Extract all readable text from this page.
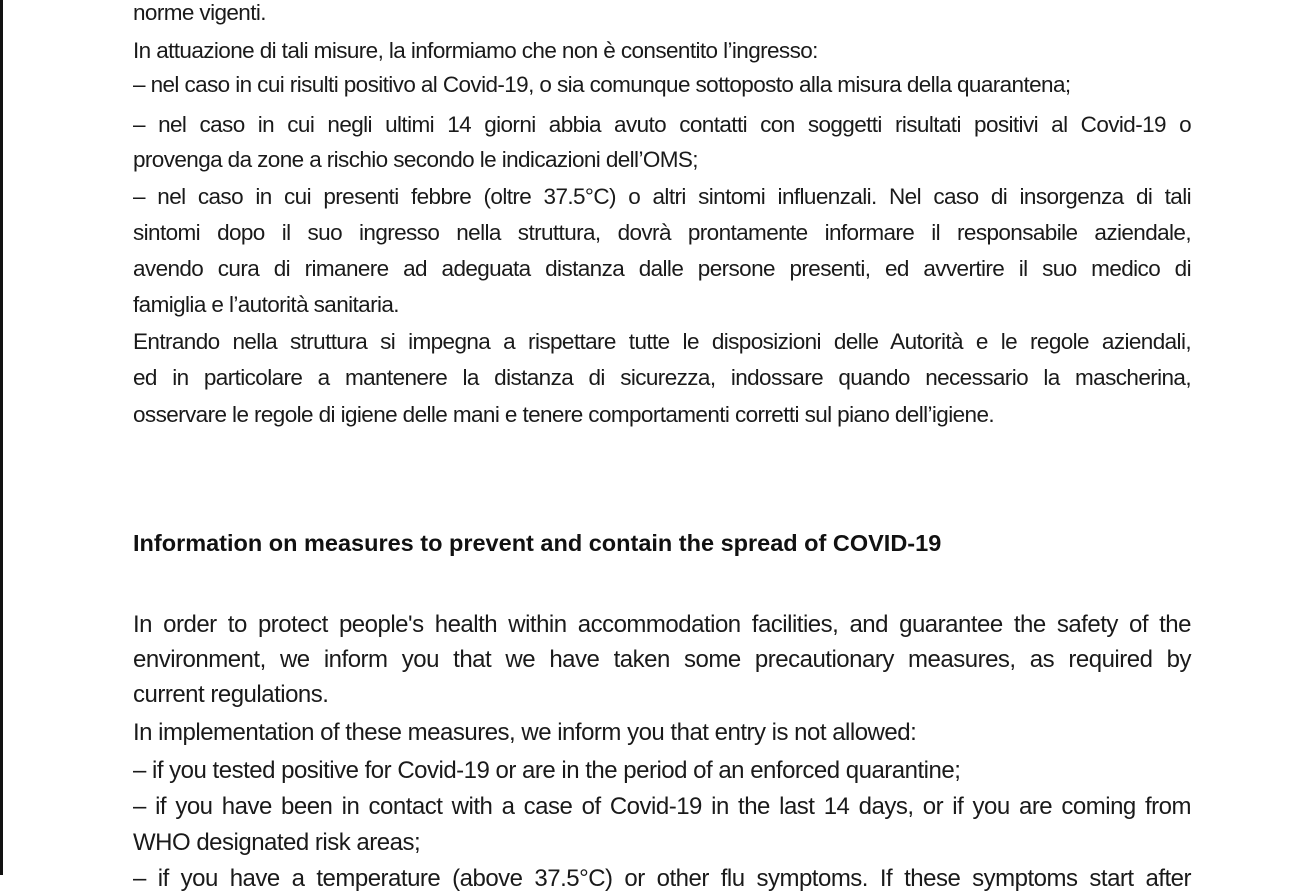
norme vigenti.

In attuazione di tali misure, la informiamo che non è consentito l’ingresso:

– nel caso in cui risulti positivo al Covid-19, o sia comunque sottoposto alla misura della quarantena;

– nel caso in cui negli ultimi 14 giorni abbia avuto contatti con soggetti risultati positivi al Covid-19 o

provenga da zone a rischio secondo le indicazioni dell’OMS;

– nel caso in cui presenti febbre (oltre 37.5°C) o altri sintomi influenzali. Nel caso di insorgenza di tali

sintomi dopo il suo ingresso nella struttura, dovrà prontamente informare il responsabile aziendale,

avendo cura di rimanere ad adeguata distanza dalle persone presenti, ed avvertire il suo medico di

famiglia e l’autorità sanitaria.

Entrando nella struttura si impegna a rispettare tutte le disposizioni delle Autorità e le regole aziendali,

ed in particolare a mantenere la distanza di sicurezza, indossare quando necessario la mascherina,

osservare le regole di igiene delle mani e tenere comportamenti corretti sul piano dell’igiene.

Information on measures to prevent and contain the spread of COVID-19

In order to protect people's health within accommodation facilities, and guarantee the safety of the

environment, we inform you that we have taken some precautionary measures, as required by

current regulations.

In implementation of these measures, we inform you that entry is not allowed:

– if you tested positive for Covid-19 or are in the period of an enforced quarantine;

– if you have been in contact with a case of Covid-19 in the last 14 days, or if you are coming from

WHO designated risk areas;

– if you have a temperature (above 37.5°C) or other flu symptoms. If these symptoms start after
